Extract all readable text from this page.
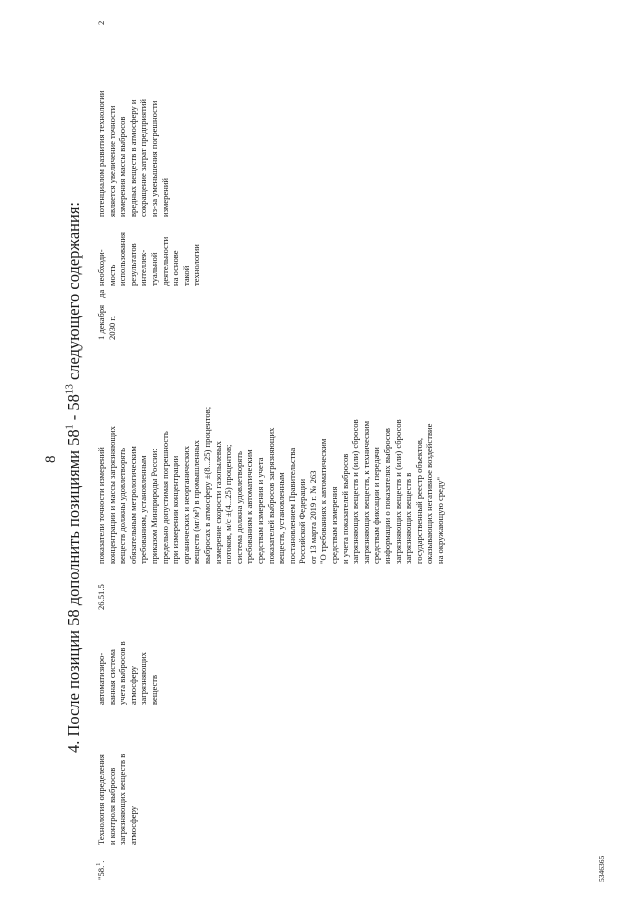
8 4. После позиции 58 дополнить позициями $58^1 - 58^{13}$ следующего содержания:
"58.$^1$.
Технология определения и контроля выбросов загрязняющих веществ в атмосферу
автоматизиро- ванная система учета выбросов в атмосферу загрязняющих веществ
26.51.5
показатели точности измерений концентрации и массы загрязняющих веществ должны удовлетворять обязательным метрологическим требованиям, установленным приказом Минприроды России: предельно допустимая погрешность при измерении концентрации органических и неорганических веществ (мг/м³) в промышленных выбросах в атмосферу ±(8...25) процентов; измерение скорости газопылевых потоков, м/с ±(4...25) процентов; система должна удовлетворять требованиям к автоматическим средствам измерения и учета показателей выбросов загрязняющих веществ, установленным постановлением Правительства Российской Федерации от 13 марта 2019 г. № 263 "О требованиях к автоматическим средствам измерения и учета показателей выбросов загрязняющих веществ и (или) сбросов загрязняющих веществ, к техническим средствам фиксации и передачи информации о показателях выбросов загрязняющих веществ и (или) сбросов загрязняющих веществ в государственный реестр объектов, оказывающих негативное воздействие на окружающую среду"
1 декабря 2030 г.
да
необходи- мость использования результатов интеллек- туальной деятельности на основе такой технологии
потенциалом развития технологии является увеличение точности измерения массы выбросов вредных веществ в атмосферу и сокращение затрат предприятий из-за уменьшения погрешности измерений
2
5346365
